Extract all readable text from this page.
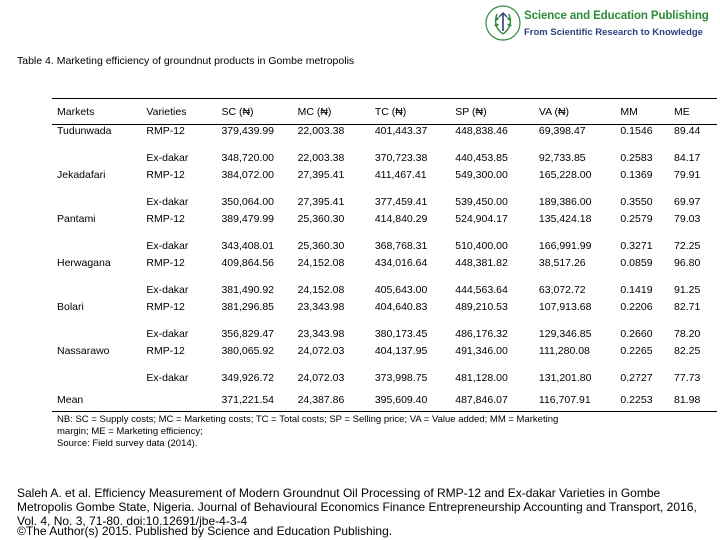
Science and Education Publishing
From Scientific Research to Knowledge
Table 4. Marketing efficiency of groundnut products in Gombe metropolis
Markets	Varieties	SC (₦)	MC (₦)	TC (₦)	SP (₦)	VA (₦)	MM	ME
Tudunwada	RMP-12	379,439.99	22,003.38	401,443.37	448,838.46	69,398.47	0.1546	89.44
	Ex-dakar	348,720.00	22,003.38	370,723.38	440,453.85	92,733.85	0.2583	84.17
Jekadafari	RMP-12	384,072.00	27,395.41	411,467.41	549,300.00	165,228.00	0.1369	79.91
	Ex-dakar	350,064.00	27,395.41	377,459.41	539,450.00	189,386.00	0.3550	69.97
Pantami	RMP-12	389,479.99	25,360.30	414,840.29	524,904.17	135,424.18	0.2579	79.03
	Ex-dakar	343,408.01	25,360.30	368,768.31	510,400.00	166,991.99	0.3271	72.25
Herwagana	RMP-12	409,864.56	24,152.08	434,016.64	448,381.82	38,517.26	0.0859	96.80
	Ex-dakar	381,490.92	24,152.08	405,643.00	444,563.64	63,072.72	0.1419	91.25
Bolari	RMP-12	381,296.85	23,343.98	404,640.83	489,210.53	107,913.68	0.2206	82.71
	Ex-dakar	356,829.47	23,343.98	380,173.45	486,176.32	129,346.85	0.2660	78.20
Nassarawo	RMP-12	380,065.92	24,072.03	404,137.95	491,346.00	111,280.08	0.2265	82.25
	Ex-dakar	349,926.72	24,072.03	373,998.75	481,128.00	131,201.80	0.2727	77.73
Mean		371,221.54	24,387.86	395,609.40	487,846.07	116,707.91	0.2253	81.98
NB: SC = Supply costs; MC = Marketing costs; TC = Total costs; SP = Selling price; VA = Value added; MM = Marketing
margin; ME = Marketing efficiency;
Source: Field survey data (2014).
Saleh A. et al. Efficiency Measurement of Modern Groundnut Oil Processing of RMP-12 and Ex-dakar Varieties in Gombe Metropolis Gombe State, Nigeria. Journal of Behavioural Economics Finance Entrepreneurship Accounting and Transport, 2016, Vol. 4, No. 3, 71-80. doi:10.12691/jbe-4-3-4
©The Author(s) 2015. Published by Science and Education Publishing.
